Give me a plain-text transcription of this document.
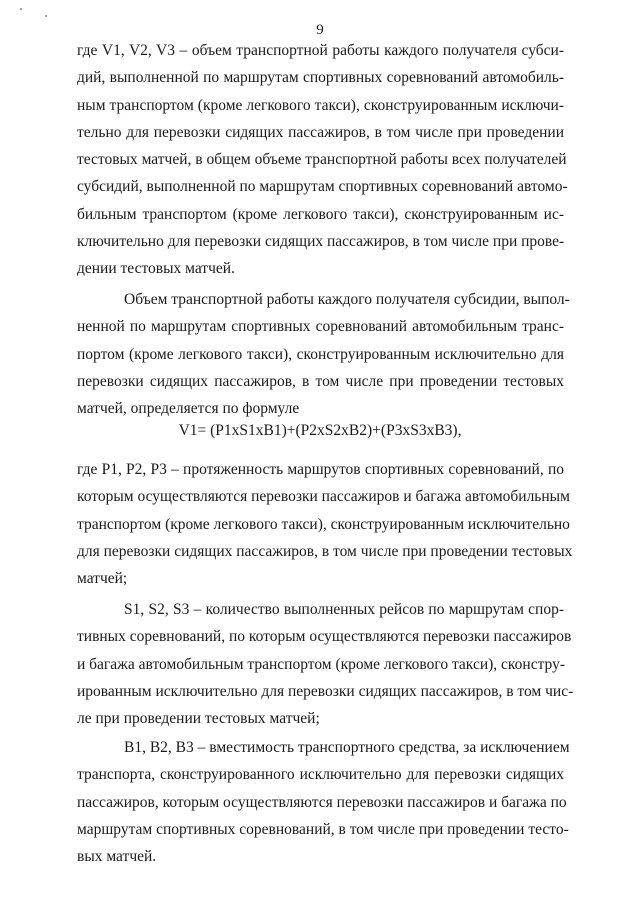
9
где V1, V2, V3 – объем транспортной работы каждого получателя субси-
дий, выполненной по маршрутам спортивных соревнований автомобиль-
ным транспортом (кроме легкового такси), сконструированным исключи-
тельно для перевозки сидящих пассажиров, в том числе при проведении
тестовых матчей, в общем объеме транспортной работы всех получателей
субсидий, выполненной по маршрутам спортивных соревнований автомо-
бильным транспортом (кроме легкового такси), сконструированным ис-
ключительно для перевозки сидящих пассажиров, в том числе при прове-
дении тестовых матчей.
Объем транспортной работы каждого получателя субсидии, выпол-
ненной по маршрутам спортивных соревнований автомобильным транс-
портом (кроме легкового такси), сконструированным исключительно для
перевозки сидящих пассажиров, в том числе при проведении тестовых
матчей, определяется по формуле
V1= (P1xS1xB1)+(P2xS2xB2)+(P3xS3xB3),
где P1, P2, P3 – протяженность маршрутов спортивных соревнований, по
которым осуществляются перевозки пассажиров и багажа автомобильным
транспортом (кроме легкового такси), сконструированным исключительно
для перевозки сидящих пассажиров, в том числе при проведении тестовых
матчей;
S1, S2, S3 – количество выполненных рейсов по маршрутам спор-
тивных соревнований, по которым осуществляются перевозки пассажиров
и багажа автомобильным транспортом (кроме легкового такси), сконстру-
ированным исключительно для перевозки сидящих пассажиров, в том чис-
ле при проведении тестовых матчей;
B1, B2, B3 – вместимость транспортного средства, за исключением
транспорта, сконструированного исключительно для перевозки сидящих
пассажиров, которым осуществляются перевозки пассажиров и багажа по
маршрутам спортивных соревнований, в том числе при проведении тесто-
вых матчей.
